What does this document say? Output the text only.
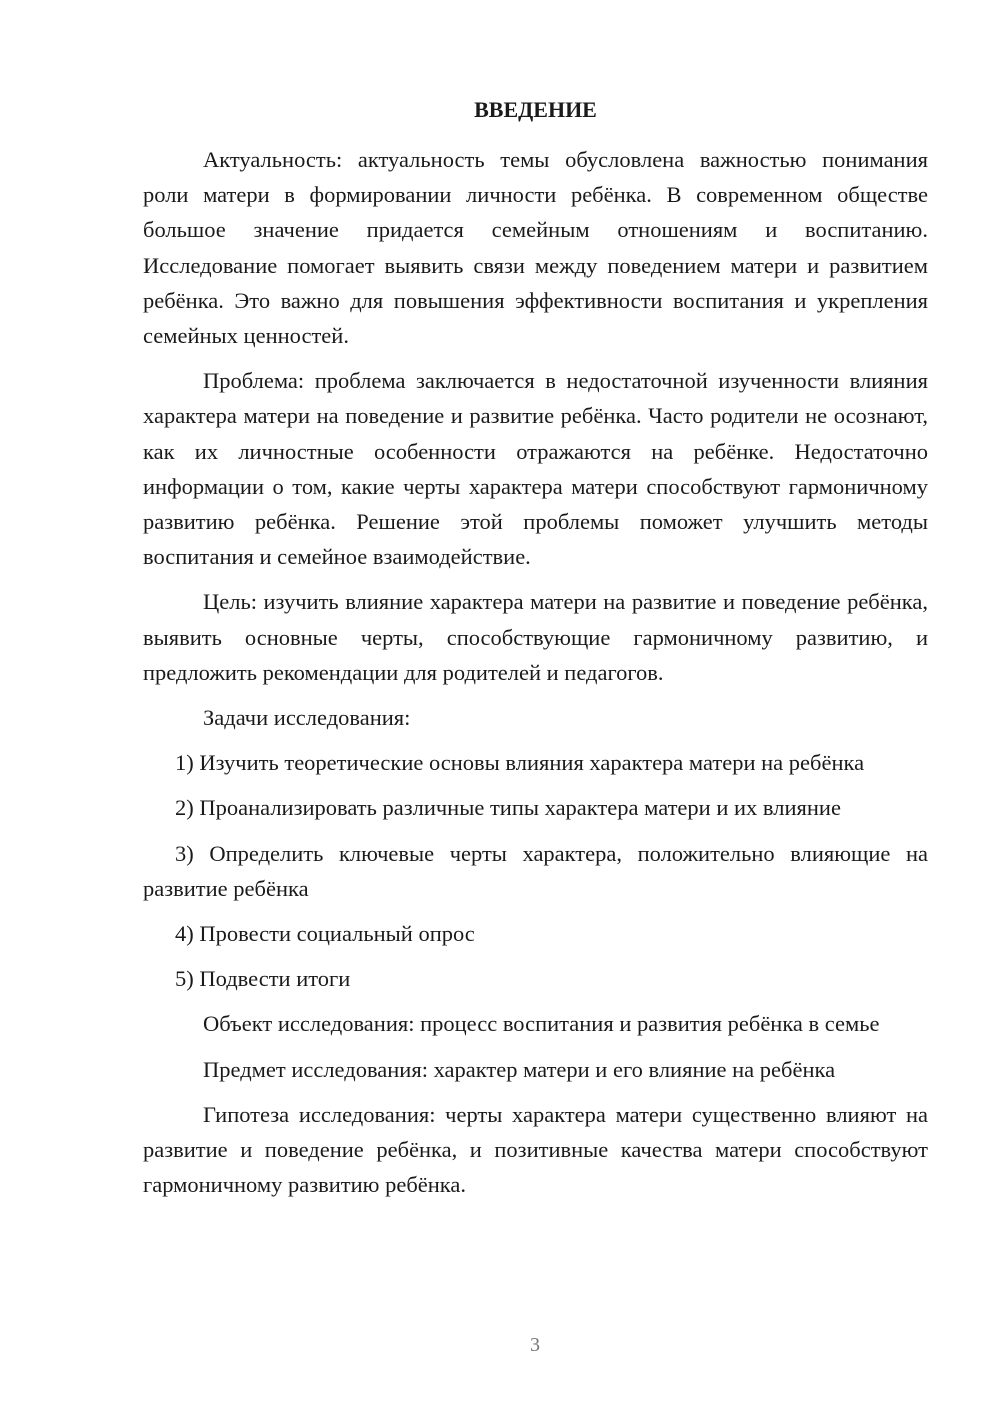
ВВЕДЕНИЕ

Актуальность: актуальность темы обусловлена важностью понимания роли матери в формировании личности ребёнка. В современном обществе большое значение придается семейным отношениям и воспитанию. Исследование помогает выявить связи между поведением матери и развитием ребёнка. Это важно для повышения эффективности воспитания и укрепления семейных ценностей.

Проблема: проблема заключается в недостаточной изученности влияния характера матери на поведение и развитие ребёнка. Часто родители не осознают, как их личностные особенности отражаются на ребёнке. Недостаточно информации о том, какие черты характера матери способствуют гармоничному развитию ребёнка. Решение этой проблемы поможет улучшить методы воспитания и семейное взаимодействие.

Цель: изучить влияние характера матери на развитие и поведение ребёнка, выявить основные черты, способствующие гармоничному развитию, и предложить рекомендации для родителей и педагогов.

Задачи исследования:

1) Изучить теоретические основы влияния характера матери на ребёнка

2) Проанализировать различные типы характера матери и их влияние

3) Определить ключевые черты характера, положительно влияющие на развитие ребёнка

4) Провести социальный опрос

5) Подвести итоги

Объект исследования: процесс воспитания и развития ребёнка в семье

Предмет исследования: характер матери и его влияние на ребёнка

Гипотеза исследования: черты характера матери существенно влияют на развитие и поведение ребёнка, и позитивные качества матери способствуют гармоничному развитию ребёнка.

3
